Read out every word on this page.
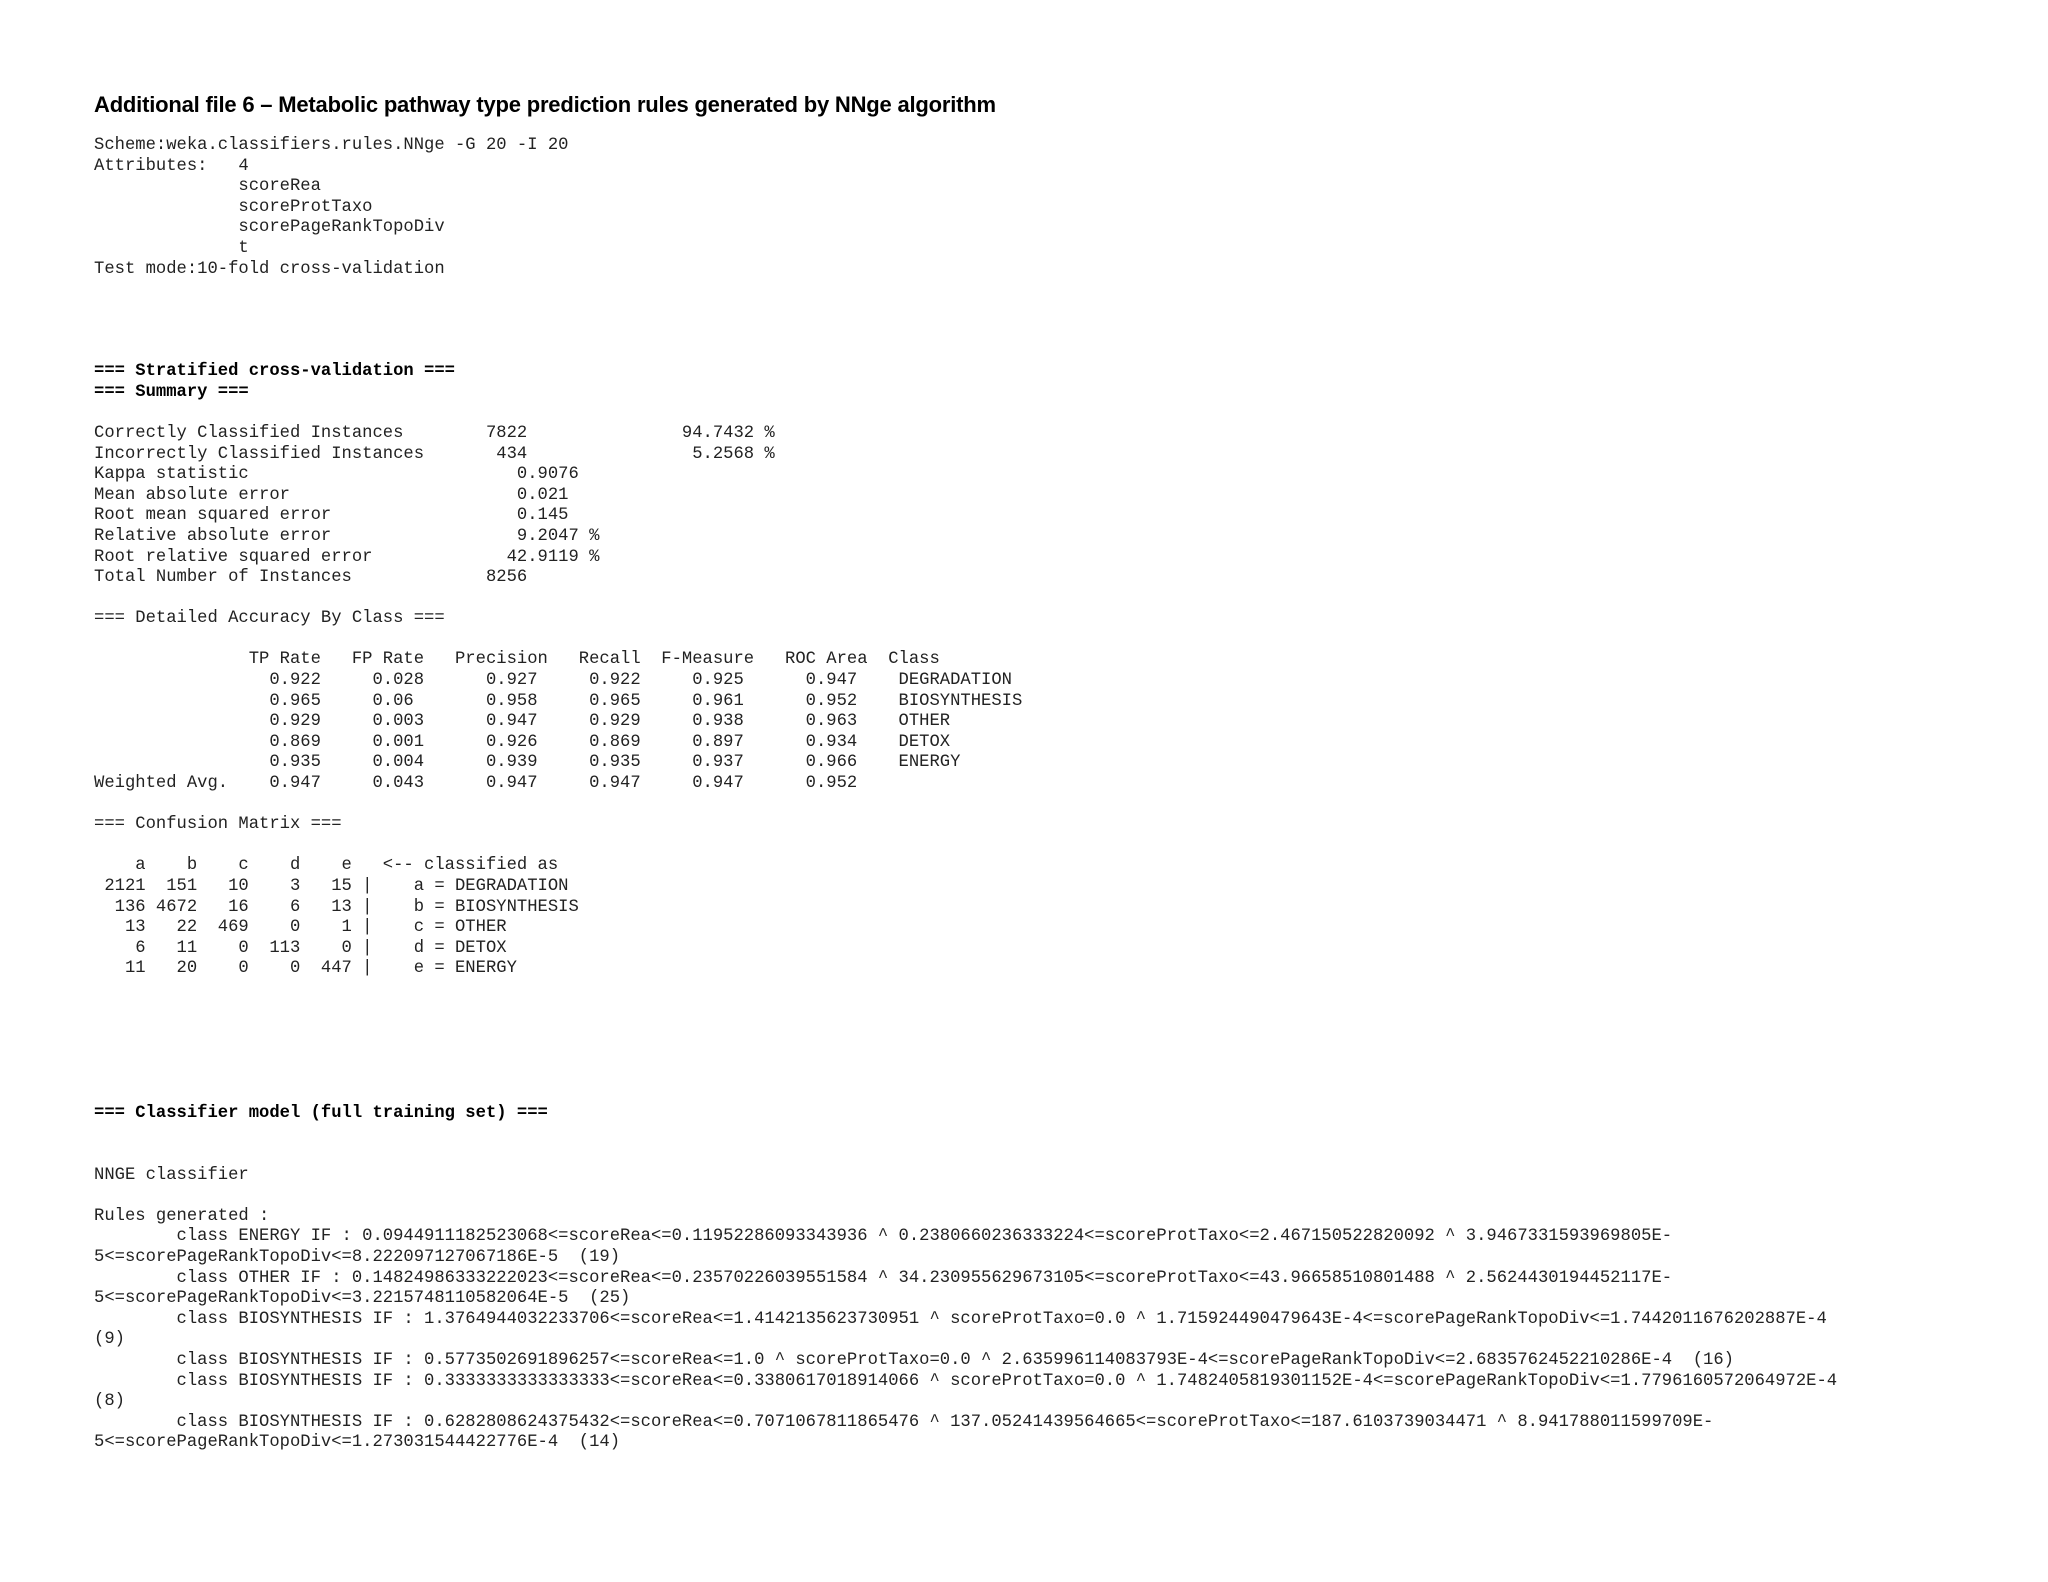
Additional file 6 – Metabolic pathway type prediction rules generated by NNge algorithm
Scheme:weka.classifiers.rules.NNge -G 20 -I 20
Attributes:   4
scoreRea
scoreProtTaxo
scorePageRankTopoDiv
t
Test mode:10-fold cross-validation
=== Stratified cross-validation ===
=== Summary ===
Correctly Classified Instances        7822               94.7432 %
Incorrectly Classified Instances       434                5.2568 %
Kappa statistic                          0.9076
Mean absolute error                      0.021
Root mean squared error                  0.145
Relative absolute error                  9.2047 %
Root relative squared error             42.9119 %
Total Number of Instances             8256
=== Detailed Accuracy By Class ===
TP Rate   FP Rate   Precision   Recall  F-Measure   ROC Area  Class
0.922     0.028      0.927     0.922     0.925      0.947    DEGRADATION
0.965     0.06       0.958     0.965     0.961      0.952    BIOSYNTHESIS
0.929     0.003      0.947     0.929     0.938      0.963    OTHER
0.869     0.001      0.926     0.869     0.897      0.934    DETOX
0.935     0.004      0.939     0.935     0.937      0.966    ENERGY
Weighted Avg.    0.947     0.043      0.947     0.947     0.947      0.952
=== Confusion Matrix ===
a    b    c    d    e   <-- classified as
2121  151   10    3   15 |    a = DEGRADATION
136 4672   16    6   13 |    b = BIOSYNTHESIS
13   22  469    0    1 |    c = OTHER
6   11    0  113    0 |    d = DETOX
11   20    0    0  447 |    e = ENERGY
=== Classifier model (full training set) ===
NNGE classifier
Rules generated :
class ENERGY IF : 0.0944911182523068<=scoreRea<=0.11952286093343936 ^ 0.2380660236333224<=scoreProtTaxo<=2.467150522820092 ^ 3.9467331593969805E-
5<=scorePageRankTopoDiv<=8.222097127067186E-5  (19)
class OTHER IF : 0.14824986333222023<=scoreRea<=0.23570226039551584 ^ 34.230955629673105<=scoreProtTaxo<=43.96658510801488 ^ 2.5624430194452117E-
5<=scorePageRankTopoDiv<=3.2215748110582064E-5  (25)
class BIOSYNTHESIS IF : 1.3764944032233706<=scoreRea<=1.4142135623730951 ^ scoreProtTaxo=0.0 ^ 1.715924490479643E-4<=scorePageRankTopoDiv<=1.7442011676202887E-4
(9)
class BIOSYNTHESIS IF : 0.5773502691896257<=scoreRea<=1.0 ^ scoreProtTaxo=0.0 ^ 2.635996114083793E-4<=scorePageRankTopoDiv<=2.6835762452210286E-4  (16)
class BIOSYNTHESIS IF : 0.3333333333333333<=scoreRea<=0.3380617018914066 ^ scoreProtTaxo=0.0 ^ 1.7482405819301152E-4<=scorePageRankTopoDiv<=1.7796160572064972E-4
(8)
class BIOSYNTHESIS IF : 0.6282808624375432<=scoreRea<=0.7071067811865476 ^ 137.05241439564665<=scoreProtTaxo<=187.6103739034471 ^ 8.941788011599709E-
5<=scorePageRankTopoDiv<=1.273031544422776E-4  (14)
